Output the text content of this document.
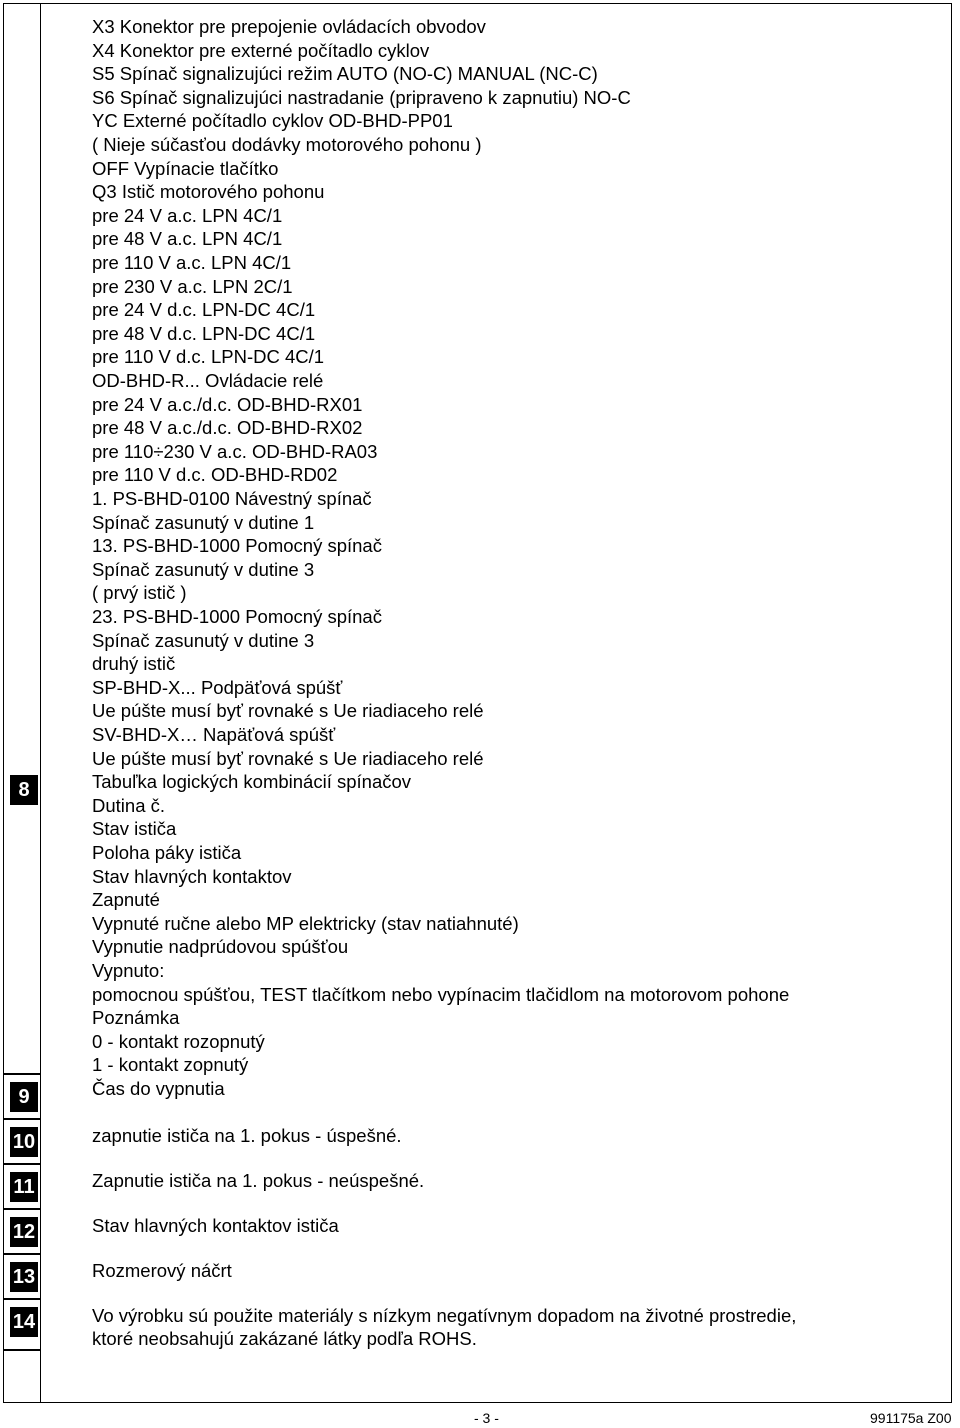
X3 Konektor pre prepojenie ovládacích obvodov
X4 Konektor pre externé počítadlo cyklov
S5 Spínač signalizujúci režim AUTO (NO-C) MANUAL (NC-C)
S6 Spínač signalizujúci nastradanie (pripraveno k zapnutiu) NO-C
YC Externé počítadlo cyklov OD-BHD-PP01
( Nieje súčasťou dodávky motorového pohonu )
OFF Vypínacie tlačítko
Q3 Istič motorového pohonu
pre 24 V a.c. LPN 4C/1
pre 48 V a.c. LPN 4C/1
pre 110 V a.c. LPN 4C/1
pre 230 V a.c. LPN 2C/1
pre 24 V d.c. LPN-DC 4C/1
pre 48 V d.c. LPN-DC 4C/1
pre 110 V d.c. LPN-DC 4C/1
OD-BHD-R... Ovládacie relé
pre 24 V a.c./d.c. OD-BHD-RX01
pre 48 V a.c./d.c. OD-BHD-RX02
pre 110÷230 V a.c. OD-BHD-RA03
pre 110 V d.c. OD-BHD-RD02
1. PS-BHD-0100 Návestný spínač
Spínač zasunutý v dutine 1
13. PS-BHD-1000 Pomocný spínač
Spínač zasunutý v dutine 3
( prvý istič )
23. PS-BHD-1000 Pomocný spínač
Spínač zasunutý v dutine 3
druhý istič
SP-BHD-X... Podpäťová spúšť
Ue púšte musí byť rovnaké s Ue riadiaceho relé
SV-BHD-X… Napäťová spúšť
Ue púšte musí byť rovnaké s Ue riadiaceho relé
Tabuľka logických kombinácií spínačov
Dutina č.
Stav ističa
Poloha páky ističa
Stav hlavných kontaktov
Zapnuté
Vypnuté ručne alebo MP elektricky (stav natiahnuté)
Vypnutie nadprúdovou spúšťou
Vypnuto:
pomocnou spúšťou, TEST tlačítkom nebo vypínacim tlačidlom na motorovom pohone
Poznámka
0 - kontakt rozopnutý
1 - kontakt zopnutý
Čas do vypnutia
zapnutie ističa na 1. pokus - úspešné.
Zapnutie ističa na 1. pokus - neúspešné.
Stav hlavných kontaktov ističa
Rozmerový náčrt
Vo výrobku sú použite materiály s nízkym negatívnym dopadom na životné prostredie,
ktoré neobsahujú zakázané látky podľa ROHS.
8
9
10
11
12
13
14
- 3 -	991175a Z00
